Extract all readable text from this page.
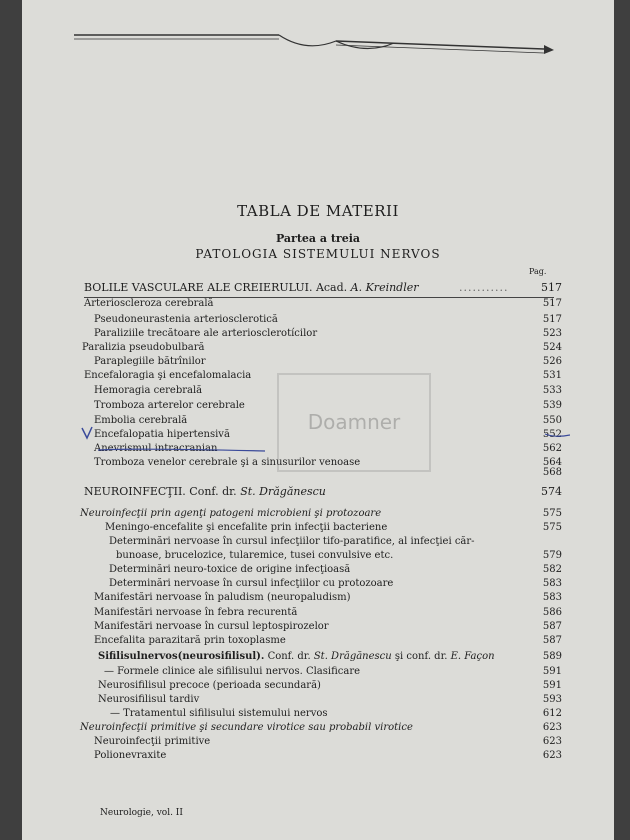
TABLA DE MATERII
Partea a treia
PATOLOGIA SISTEMULUI NERVOS
Pag.
BOLILE VASCULARE ALE CREIERULUI. Acad. A. Kreindler	...........	517
Arterioscleroza cerebrală	517
Pseudoneurastenia arteriosclerotică	517
Paraliziile trecătoare ale arteriosclerotícilor	523
Paralizia pseudobulbară	524
Paraplegiile bătrînilor	526
Encefaloragia şi encefalomalacia	531
Hemoragia cerebrală	533
Tromboza arterelor cerebrale	539
Embolia cerebrală	550
Encefalopatia hipertensivă	552
Anevrismul intracranian	562
Tromboza venelor cerebrale şi a sinusurilor venoase	564
568
NEUROINFECŢII. Conf. dr. St. Drăgănescu	574
Neuroinfecţii prin agenţi patogeni microbieni şi protozoare	575
Meningo-encefalite şi encefalite prin infecţii bacteriene	575
Determinări nervoase în cursul infecţiilor tifo-paratifice, al infecţiei căr-
bunoase, brucelozice, tularemice, tusei convulsive etc.	579
Determinări neuro-toxice de origine infecţioasă	582
Determinări nervoase în cursul infecţiilor cu protozoare	583
Manifestări nervoase în paludism (neuropaludism)	583
Manifestări nervoase în febra recurentă	586
Manifestări nervoase în cursul leptospirozelor	587
Encefalita parazitară prin toxoplasme	587
Sifilisulnervos(neurosifilisul). Conf. dr. St. Drăgănescu şi conf. dr. E. Façon	589
— Formele clinice ale sifilisului nervos. Clasificare	591
Neurosifilisul precoce (perioada secundară)	591
Neurosifilisul tardiv	593
— Tratamentul sifilisului sistemului nervos	612
Neuroinfecţii primitive şi secundare virotice sau probabil virotice	623
Neuroinfecţii primitive	623
Polionevraxite	623
Neurologie, vol. II
Doamner
